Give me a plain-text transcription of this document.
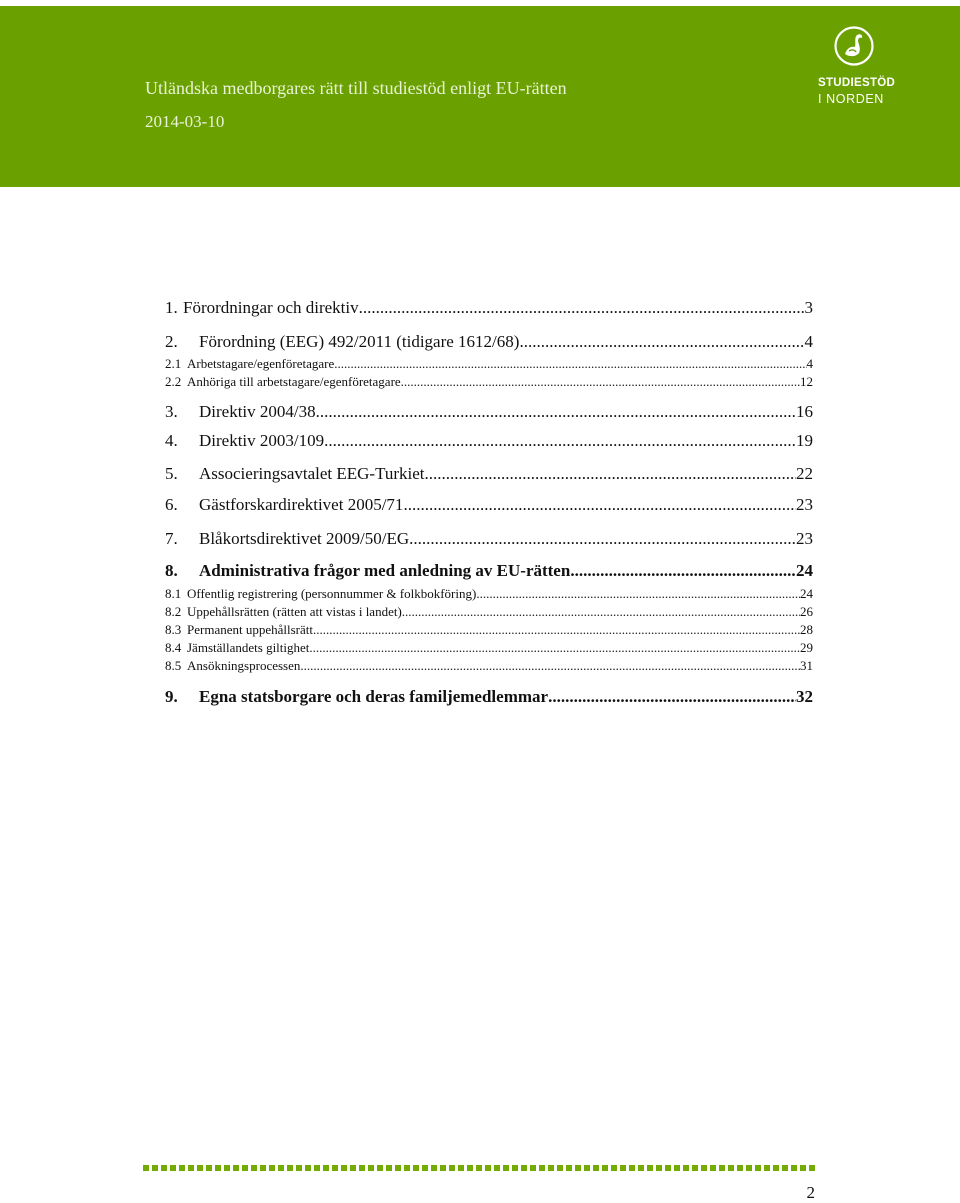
Utländska medborgares rätt till studiestöd enligt EU-rätten
2014-03-10
STUDIESTÖD
I NORDEN
1. Förordningar och direktiv .....	3
2.	Förordning (EEG) 492/2011 (tidigare 1612/68) .....	4
2.1 Arbetstagare/egenföretagare .....	4
2.2 Anhöriga till arbetstagare/egenföretagare .....	12
3.	Direktiv 2004/38 .....	16
4.	Direktiv 2003/109 .....	19
5.	Associeringsavtalet EEG-Turkiet .....	22
6.	Gästforskardirektivet 2005/71 .....	23
7.	Blåkortsdirektivet 2009/50/EG .....	23
8.	Administrativa frågor med anledning av EU-rätten .....	24
8.1 Offentlig registrering (personnummer & folkbokföring) .....	24
8.2 Uppehållsrätten (rätten att vistas i landet) .....	26
8.3 Permanent uppehållsrätt .....	28
8.4 Jämställandets giltighet .....	29
8.5 Ansökningsprocessen .....	31
9.	Egna statsborgare och deras familjemedlemmar .....	32
2
